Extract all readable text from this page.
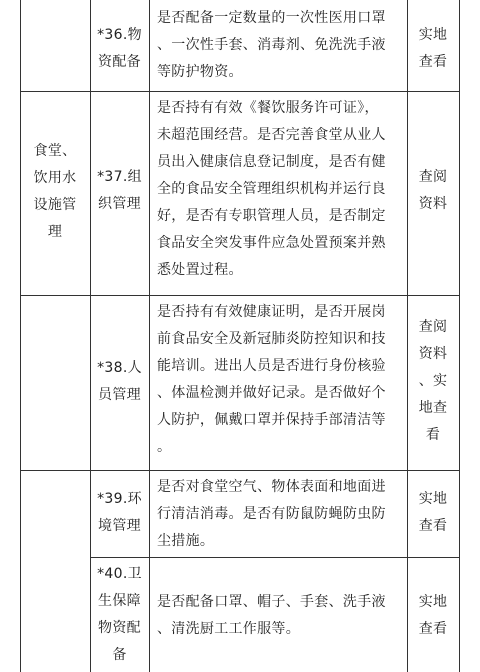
食堂、
饮用水
设施管
理
*36.物
资配备
是否配备一定数量的一次性医用口罩
、一次性手套、消毒剂、免洗洗手液
等防护物资。
实地
查看
*37.组
织管理
是否持有有效《餐饮服务许可证》，
未超范围经营。是否完善食堂从业人
员出入健康信息登记制度，是否有健
全的食品安全管理组织机构并运行良
好，是否有专职管理人员，是否制定
食品安全突发事件应急处置预案并熟
悉处置过程。
查阅
资料
*38.人
员管理
是否持有有效健康证明，是否开展岗
前食品安全及新冠肺炎防控知识和技
能培训。进出人员是否进行身份核验
、体温检测并做好记录。是否做好个
人防护，佩戴口罩并保持手部清洁等
。
查阅
资料
、实
地查
看
*39.环
境管理
是否对食堂空气、物体表面和地面进
行清洁消毒。是否有防鼠防蝇防虫防
尘措施。
实地
查看
*40.卫
生保障
物资配
备
是否配备口罩、帽子、手套、洗手液
、清洗厨工工作服等。
实地
查看
